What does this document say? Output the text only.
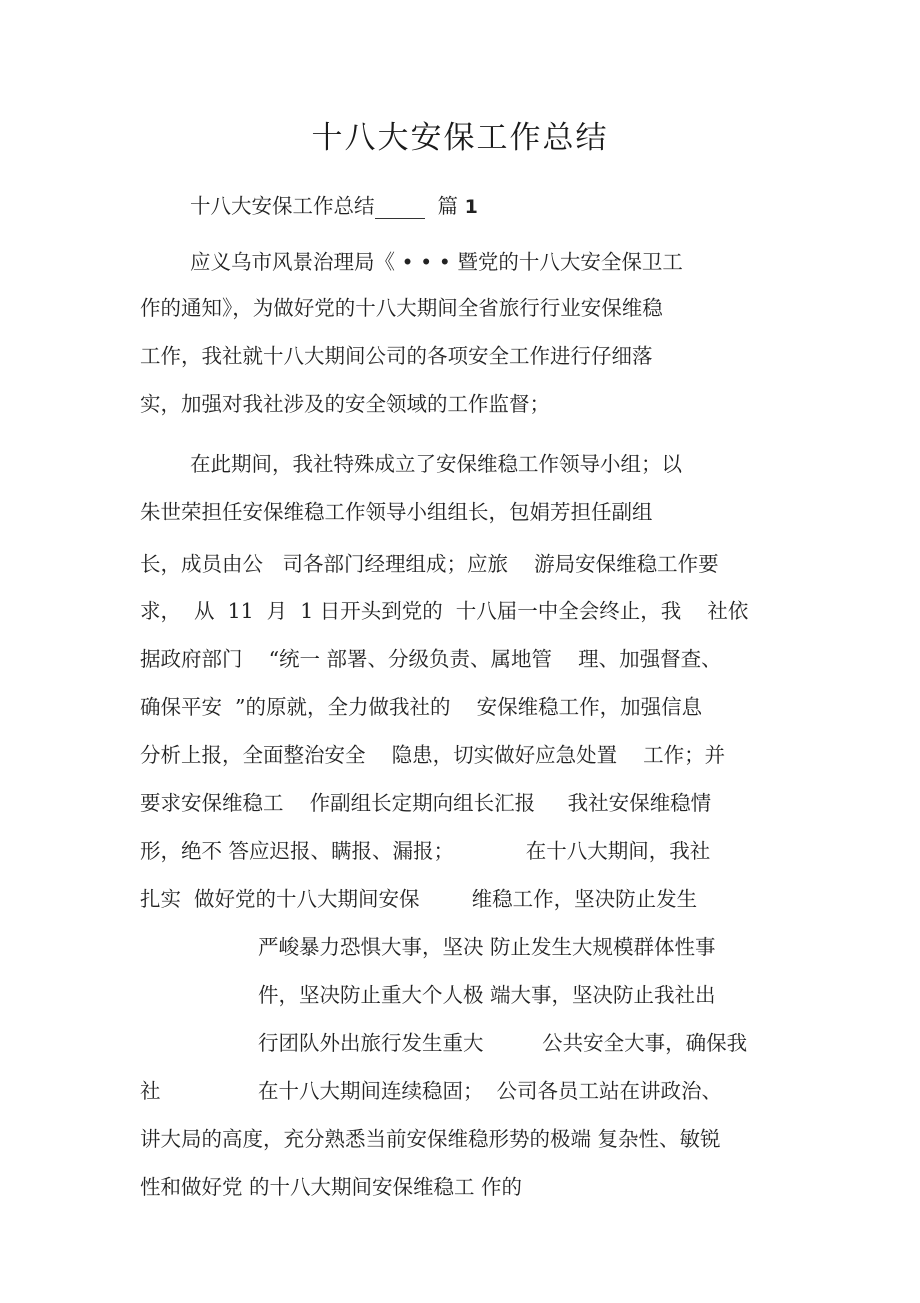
十八大安保工作总结
十八大安保工作总结	篇 1
应义乌市风景治理局《 • • • 暨党的十八大安全保卫工
作的通知》，为做好党的十八大期间全省旅行行业安保维稳
工作，我社就十八大期间公司的各项安全工作进行仔细落
实，加强对我社涉及的安全领域的工作监督；
在此期间，我社特殊成立了安保维稳工作领导小组；以
朱世荣担任安保维稳工作领导小组组长，包娟芳担任副组
长，成员由公   司各部门经理组成；应旅    游局安保维稳工作要
求，  从  11  月  1 日开头到党的  十八届一中全会终止，我    社依
据政府部门    “统一 部署、分级负责、属地管    理、加强督查、
确保平安  ”的原就，全力做我社的    安保维稳工作，加强信息
分析上报，全面整治安全    隐患，切实做好应急处置    工作；并
要求安保维稳工    作副组长定期向组长汇报     我社安保维稳情
形，绝不 答应迟报、瞒报、漏报；           在十八大期间，我社
扎实  做好党的十八大期间安保        维稳工作，坚决防止发生
严峻暴力恐惧大事，坚决 防止发生大规模群体性事
件，坚决防止重大个人极 端大事，坚决防止我社出
行团队外出旅行发生重大         公共安全大事，确保我
社	在十八大期间连续稳固；  公司各员工站在讲政治、
讲大局的高度，充分熟悉当前安保维稳形势的极端 复杂性、敏锐
性和做好党 的十八大期间安保维稳工 作的
